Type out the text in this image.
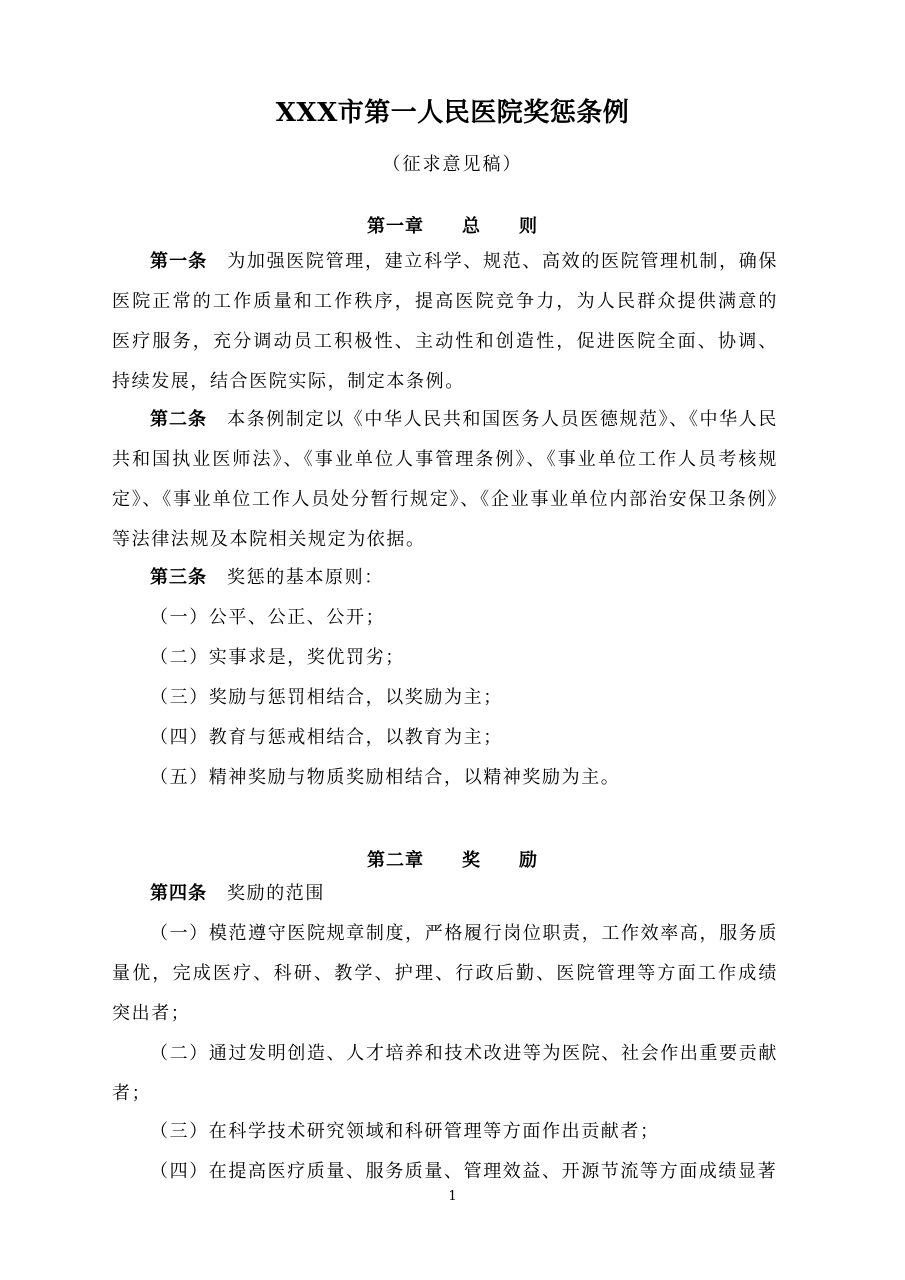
XXX市第一人民医院奖惩条例
（征求意见稿）
第一章　　总　　则
第一条 为加强医院管理，建立科学、规范、高效的医院管理机制，确保医院正常的工作质量和工作秩序，提高医院竞争力，为人民群众提供满意的医疗服务，充分调动员工积极性、主动性和创造性，促进医院全面、协调、持续发展，结合医院实际，制定本条例。
第二条 本条例制定以《中华人民共和国医务人员医德规范》、《中华人民共和国执业医师法》、《事业单位人事管理条例》、《事业单位工作人员考核规定》、《事业单位工作人员处分暂行规定》、《企业事业单位内部治安保卫条例》等法律法规及本院相关规定为依据。
第三条 奖惩的基本原则：
（一）公平、公正、公开；
（二）实事求是，奖优罚劣；
（三）奖励与惩罚相结合，以奖励为主；
（四）教育与惩戒相结合，以教育为主；
（五）精神奖励与物质奖励相结合，以精神奖励为主。
第二章　　奖　　励
第四条 奖励的范围
（一）模范遵守医院规章制度，严格履行岗位职责，工作效率高，服务质量优，完成医疗、科研、教学、护理、行政后勤、医院管理等方面工作成绩突出者；
（二）通过发明创造、人才培养和技术改进等为医院、社会作出重要贡献者；
（三）在科学技术研究领域和科研管理等方面作出贡献者；
（四）在提高医疗质量、服务质量、管理效益、开源节流等方面成绩显著
1
